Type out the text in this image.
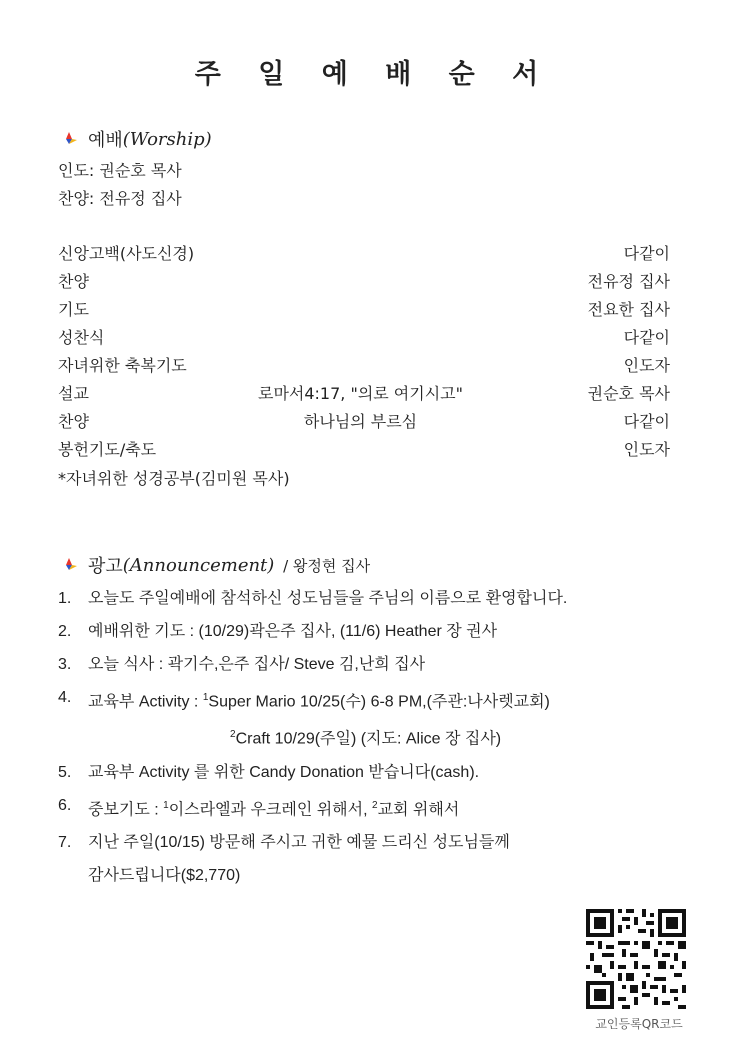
주 일 예 배 순 서
예배 (Worship)
인도: 권순호 목사
찬양: 전유정 집사
신앙고백(사도신경)	다같이
찬양	전유정 집사
기도	전요한 집사
성찬식	다같이
자녀위한 축복기도	인도자
설교	로마서4:17, "의로 여기시고"	권순호 목사
찬양	하나님의 부르심	다같이
봉헌기도/축도	인도자
*자녀위한 성경공부(김미원 목사)
광고 (Announcement) / 왕정현 집사
1. 오늘도 주일예배에 참석하신 성도님들을 주님의 이름으로 환영합니다.
2. 예배위한 기도 : (10/29)곽은주 집사, (11/6) Heather 장 권사
3. 오늘 식사 : 곽기수,은주 집사/ Steve 김,난희 집사
4. 교육부 Activity : $^1$Super Mario 10/25(수) 6-8 PM,(주관:나사렛교회)
$^2$Craft 10/29(주일) (지도: Alice 장 집사)
5. 교육부 Activity 를 위한 Candy Donation 받습니다(cash).
6. 중보기도 : $^1$이스라엘과 우크레인 위해서, $^2$교회 위해서
7. 지난 주일(10/15) 방문해 주시고 귀한 예물 드리신 성도님들께
감사드립니다($2,770)
교인등록QR코드
